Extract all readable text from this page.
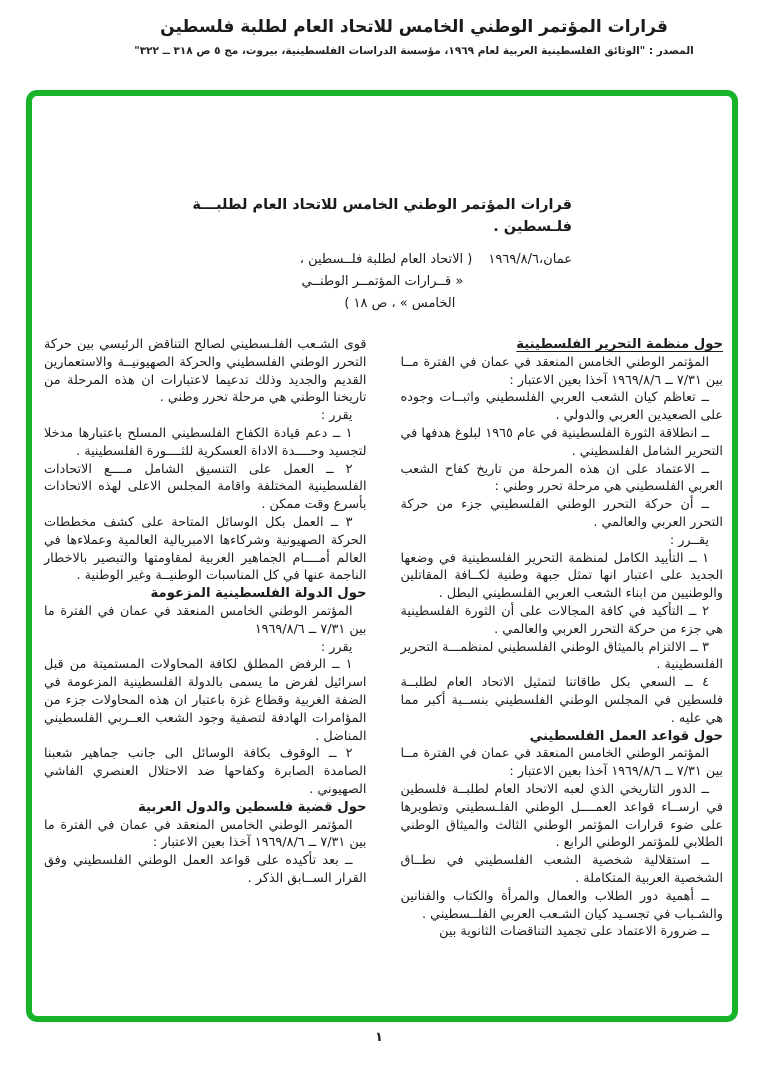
قرارات المؤتمر الوطني الخامس للاتحاد العام لطلبة فلسطين
المصدر : "الوثائق الفلسطينية العربية لعام ١٩٦٩، مؤسسة الدراسات الفلسطينية، بيروت، مج ٥ ص ٣١٨ ــ ٣٢٢"
قرارات المؤتمر الوطني الخامس للاتحاد العام لطلبـــة
فلـسطين .
عمان،١٩٦٩/٨/٦
( الاتحاد العام لطلبة فلــسطين ،
« قــرارات المؤتمــر الوطنــي
الخامس » ، ص ١٨ )
حول منظمة التحرير الفلسطينية

المؤتمر الوطني الخامس المنعقد في عمان في الفترة مــا بين ٧/٣١ ــ ١٩٦٩/٨/٦ آخذا بعين الاعتبار :

ــ تعاظم كيان الشعب العربي الفلسطيني واثبــات وجوده على الصعيدين العربي والدولي .

ــ انطلاقة الثورة الفلسطينية في عام ١٩٦٥ لبلوغ هدفها في التحرير الشامل الفلسطيني .

ــ الاعتماد على ان هذه المرحلة من تاريخ كفاح الشعب العربي الفلسطيني هي مرحلة تحرر وطني :

ــ أن حركة التحرر الوطني الفلسطيني جزء من حركة التحرر العربي والعالمي .

يقــرر :

١ ــ التأييد الكامل لمنظمة التحرير الفلسطينية في وضعها الجديد على اعتبار انها تمثل جبهة وطنية لكــافة المقاتلين والوطنيين من ابناء الشعب العربي الفلسطيني البطل .

٢ ــ التأكيد في كافة المجالات على أن الثورة الفلسطينية هي جزء من حركة التحرر العربي والعالمي .

٣ ــ الالتزام بالميثاق الوطني الفلسطيني لمنظمـــة التحرير الفلسطينية .

٤ ــ السعي بكل طاقاتنا لتمثيل الاتحاد العام لطلبــة فلسطين في المجلس الوطني الفلسطيني بنســبة أكبر مما هي عليه .

حول قواعد العمل الفلسطيني

المؤتمر الوطني الخامس المنعقد في عمان في الفترة مــا بين ٧/٣١ ــ ١٩٦٩/٨/٦ آخذا بعين الاعتبار :

ــ الدور التاريخي الذي لعبه الاتحاد العام لطلبــة فلسطين في ارســاء قواعد العمــــل الوطني الفلـسطيني وتطويرها على ضوء قرارات المؤتمر الوطني الثالث والميثاق الوطني الطلابي للمؤتمر الوطني الرابع .

ــ استقلالية شخصية الشعب الفلسطيني في نطــاق الشخصية العربية المتكاملة .

ــ أهمية دور الطلاب والعمال والمرأة والكتاب والفنانين والشـباب في تجسـيد كيان الشـعب العربي الفلــسطيني .

ــ ضرورة الاعتماد على تجميد التناقضات الثانوية بين

قوى الشـعب الفلـسطيني لصالح التناقض الرئيسي بين حركة التحرر الوطني الفلسطيني والحركة الصهيونيــة والاستعمارين القديم والجديد وذلك تدعيما لاعتبارات ان هذه المرحلة من تاريخنا الوطني هي مرحلة تحرر وطني .

يقرر :

١ ــ دعم قيادة الكفاح الفلسطيني المسلح باعتبارها مدخلا لتجسيد وحــــدة الاداة العسكرية للثــــورة الفلسطينية .

٢ ــ العمل على التنسيق الشامل مــــع الاتحادات الفلسطينية المختلفة واقامة المجلس الاعلى لهذه الاتحادات بأسرع وقت ممكن .

٣ ــ العمل بكل الوسائل المتاحة على كشف مخططات الحركة الصهيونية وشركاءها الامبريالية العالمية وعملاءها في العالم أمــــام الجماهير العربية لمقاومتها والتبصير بالاخطار الناجمة عنها في كل المناسبات الوطنيــة وغير الوطنية .

حول الدولة الفلسطينية المزعومة

المؤتمر الوطني الخامس المنعقد في عمان في الفترة ما بين ٧/٣١ ــ ١٩٦٩/٨/٦

يقرر :

١ ــ الرفض المطلق لكافة المحاولات المستميتة من قبل اسرائيل لفرض ما يسمى بالدولة الفلسطينية المزعومة في الضفة الغربية وقطاع غزة باعتبار ان هذه المحاولات جزء من المؤامرات الهادفة لتصفية وجود الشعب العــربي الفلسطيني المناضل .

٢ ــ الوقوف بكافة الوسائل الى جانب جماهير شعبنا الصامدة الصابرة وكفاحها ضد الاحتلال العنصري الفاشي الصهيوني .

حول قضية فلسطين والدول العربية

المؤتمر الوطني الخامس المنعقد في عمان في الفترة ما بين ٧/٣١ ــ ١٩٦٩/٨/٦ آخذا بعين الاعتبار :

ــ بعد تأكيده على قواعد العمل الوطني الفلسطيني وفق القرار الســابق الذكر .

١
